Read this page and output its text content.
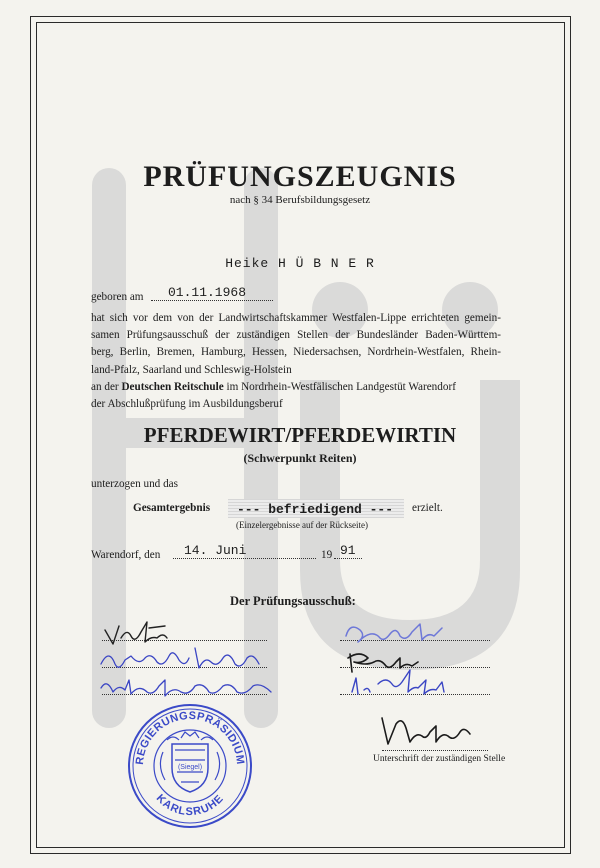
PRÜFUNGSZEUGNIS
nach § 34 Berufsbildungsgesetz
Heike H Ü B N E R
geboren am 01.11.1968
hat sich vor dem von der Landwirtschaftskammer Westfalen-Lippe errichteten gemein-
samen Prüfungsausschuß der zuständigen Stellen der Bundesländer Baden-Württem-
berg, Berlin, Bremen, Hamburg, Hessen, Niedersachsen, Nordrhein-Westfalen, Rhein-
land-Pfalz, Saarland und Schleswig-Holstein
an der Deutschen Reitschule im Nordrhein-Westfälischen Landgestüt Warendorf
der Abschlußprüfung im Ausbildungsberuf
PFERDEWIRT/PFERDEWIRTIN
(Schwerpunkt Reiten)
unterzogen und das
Gesamtergebnis --- befriedigend --- erzielt.
(Einzelergebnisse auf der Rückseite)
Warendorf, den 14. Juni	19 91
Der Prüfungsausschuß:
Unterschrift der zuständigen Stelle
REGIERUNGSPRÄSIDIUM
KARLSRUHE
(Siegel)
